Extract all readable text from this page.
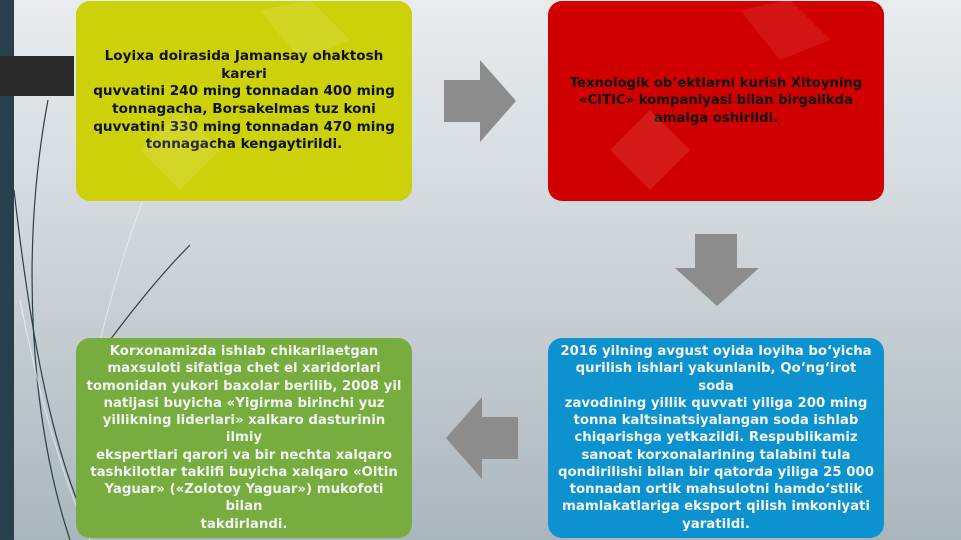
Loyixa doirasida Jamansay ohaktosh kareri
quvvatini 240 ming tonnadan 400 ming
tonnagacha, Borsakelmas tuz koni
quvvatini 330 ming tonnadan 470 ming
tonnagacha kengaytirildi.
Texnologik ob’ektlarni kurish Xitoyning
«CITIC» kompaniyasi bilan birgalikda
amalga oshirildi.
2016 yilning avgust oyida loyiha bo‘yicha
qurilish ishlari yakunlanib, Qo‘ng‘irot soda
zavodining yillik quvvati yiliga 200 ming
tonna kaltsinatsiyalangan soda ishlab
chiqarishga yetkazildi. Respublikamiz
sanoat korxonalarining talabini tula
qondirilishi bilan bir qatorda yiliga 25 000
tonnadan ortik mahsulotni hamdo‘stlik
mamlakatlariga eksport qilish imkoniyati
yaratildi.
Korxonamizda ishlab chikarilaetgan
maxsuloti sifatiga chet el xaridorlari
tomonidan yukori baxolar berilib, 2008 yil
natijasi buyicha «Yigirma birinchi yuz
yillikning liderlari» xalkaro dasturinin ilmiy
ekspertlari qarori va bir nechta xalqaro
tashkilotlar taklifi buyicha xalqaro «Oltin
Yaguar» («Zolotoy Yaguar») mukofoti bilan
takdirlandi.
